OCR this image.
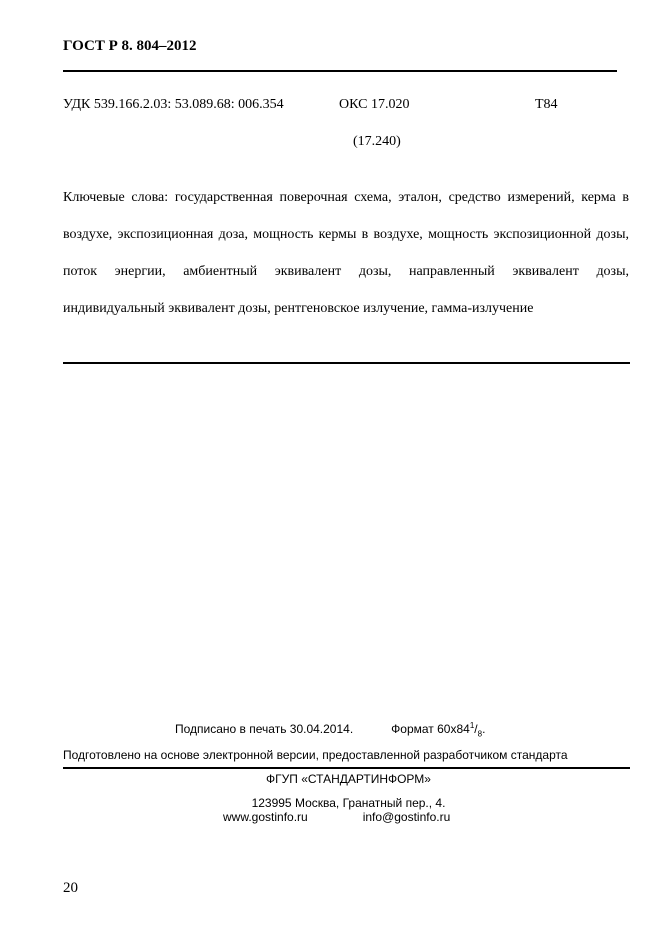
ГОСТ Р 8. 804–2012
УДК 539.166.2.03: 53.089.68: 006.354	ОКС 17.020	Т84
(17.240)
Ключевые слова: государственная поверочная схема, эталон, средство измерений, керма в воздухе, экспозиционная доза, мощность кермы в воздухе, мощность экспозиционной дозы, поток энергии, амбиентный эквивалент дозы, направленный эквивалент дозы, индивидуальный эквивалент дозы, рентгеновское излучение, гамма-излучение
Подписано в печать 30.04.2014.	Формат $60х84^1/_8$.
Подготовлено на основе электронной версии, предоставленной разработчиком стандарта
ФГУП «СТАНДАРТИНФОРМ»
123995 Москва, Гранатный пер., 4.
www.gostinfo.ru	info@gostinfo.ru
20
